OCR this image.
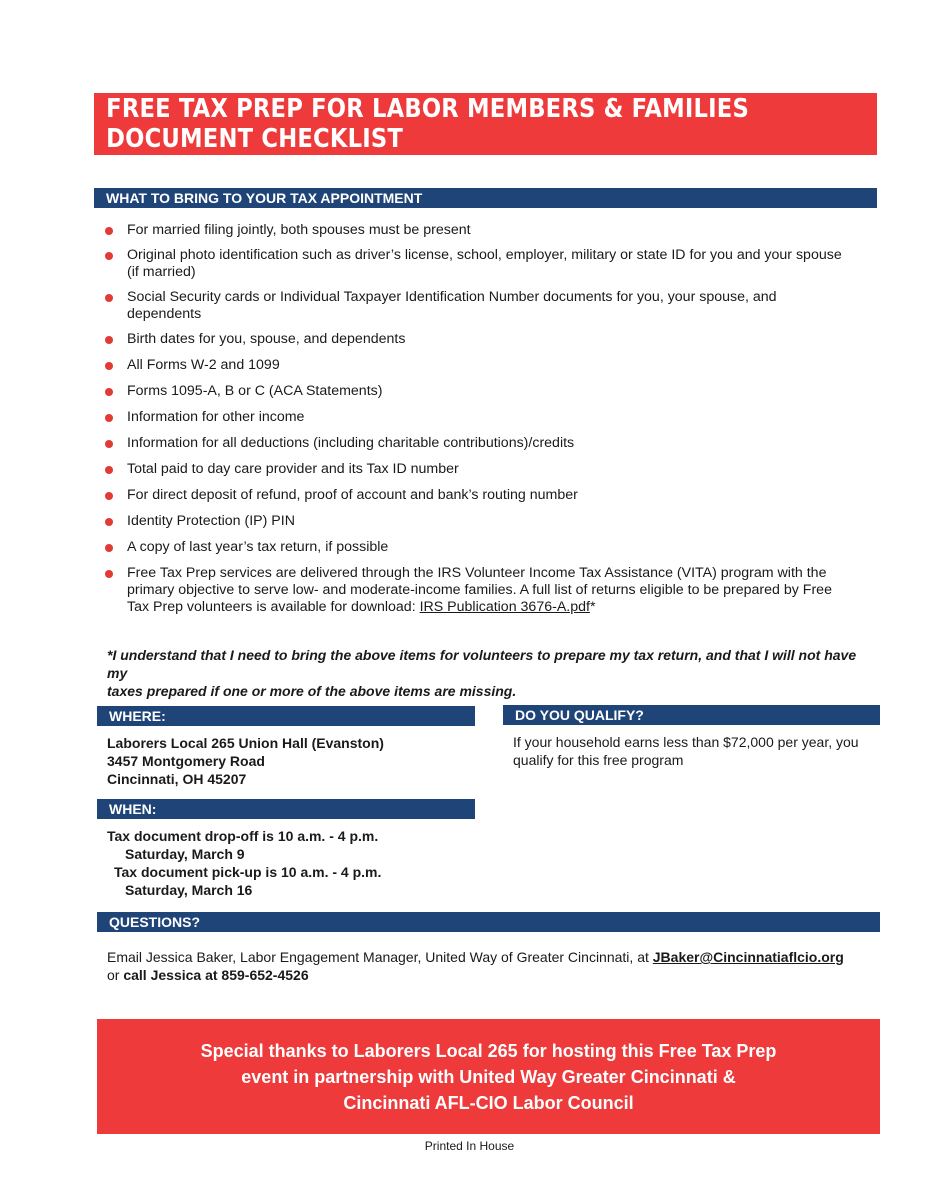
FREE TAX PREP FOR LABOR MEMBERS & FAMILIES DOCUMENT CHECKLIST
WHAT TO BRING TO YOUR TAX APPOINTMENT
For married filing jointly, both spouses must be present
Original photo identification such as driver’s license, school, employer, military or state ID for you and your spouse
(if married)
Social Security cards or Individual Taxpayer Identification Number documents for you, your spouse, and
dependents
Birth dates for you, spouse, and dependents
All Forms W-2 and 1099
Forms 1095-A, B or C (ACA Statements)
Information for other income
Information for all deductions (including charitable contributions)/credits
Total paid to day care provider and its Tax ID number
For direct deposit of refund, proof of account and bank’s routing number
Identity Protection (IP) PIN
A copy of last year’s tax return, if possible
Free Tax Prep services are delivered through the IRS Volunteer Income Tax Assistance (VITA) program with the
primary objective to serve low- and moderate-income families. A full list of returns eligible to be prepared by Free
Tax Prep volunteers is available for download: IRS Publication 3676-A.pdf*
*I understand that I need to bring the above items for volunteers to prepare my tax return, and that I will not have my
taxes prepared if one or more of the above items are missing.
WHERE:
Laborers Local 265 Union Hall (Evanston)
3457 Montgomery Road
Cincinnati, OH 45207
DO YOU QUALIFY?
If your household earns less than $72,000 per year, you
qualify for this free program
WHEN:
Tax document drop-off is 10 a.m. - 4 p.m.
Saturday, March 9
Tax document pick-up is 10 a.m. - 4 p.m.
Saturday, March 16
QUESTIONS?
Email Jessica Baker, Labor Engagement Manager, United Way of Greater Cincinnati, at JBaker@Cincinnatiaflcio.org
or call Jessica at 859-652-4526
Special thanks to Laborers Local 265 for hosting this Free Tax Prep
event in partnership with United Way Greater Cincinnati &
Cincinnati AFL-CIO Labor Council
Printed In House
